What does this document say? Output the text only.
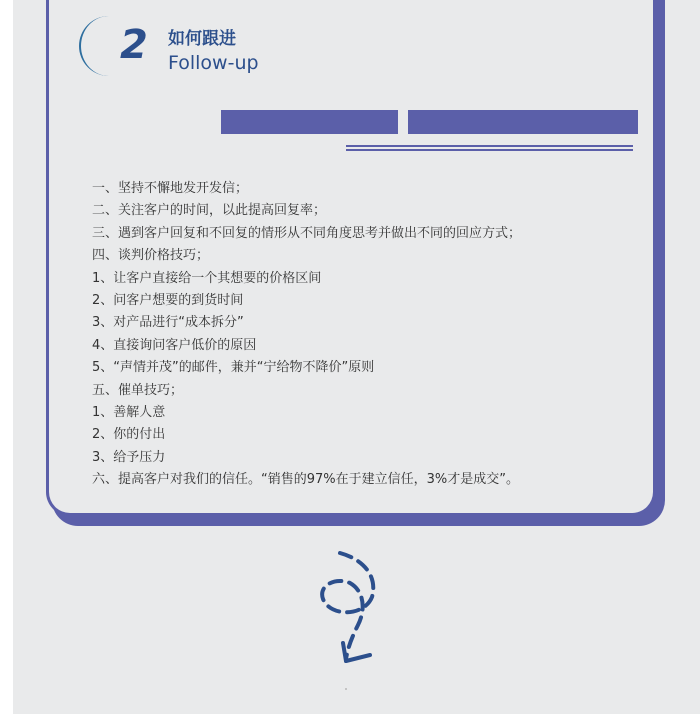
2 如何跟进
Follow-up
一、坚持不懈地发开发信；
二、关注客户的时间，以此提高回复率；
三、遇到客户回复和不回复的情形从不同角度思考并做出不同的回应方式；
四、谈判价格技巧；
1、让客户直接给一个其想要的价格区间
2、问客户想要的到货时间
3、对产品进行“成本拆分”
4、直接询问客户低价的原因
5、“声情并茂”的邮件，兼并“宁给物不降价”原则
五、催单技巧；
1、善解人意
2、你的付出
3、给予压力
六、提高客户对我们的信任。“销售的97%在于建立信任，3%才是成交”。
